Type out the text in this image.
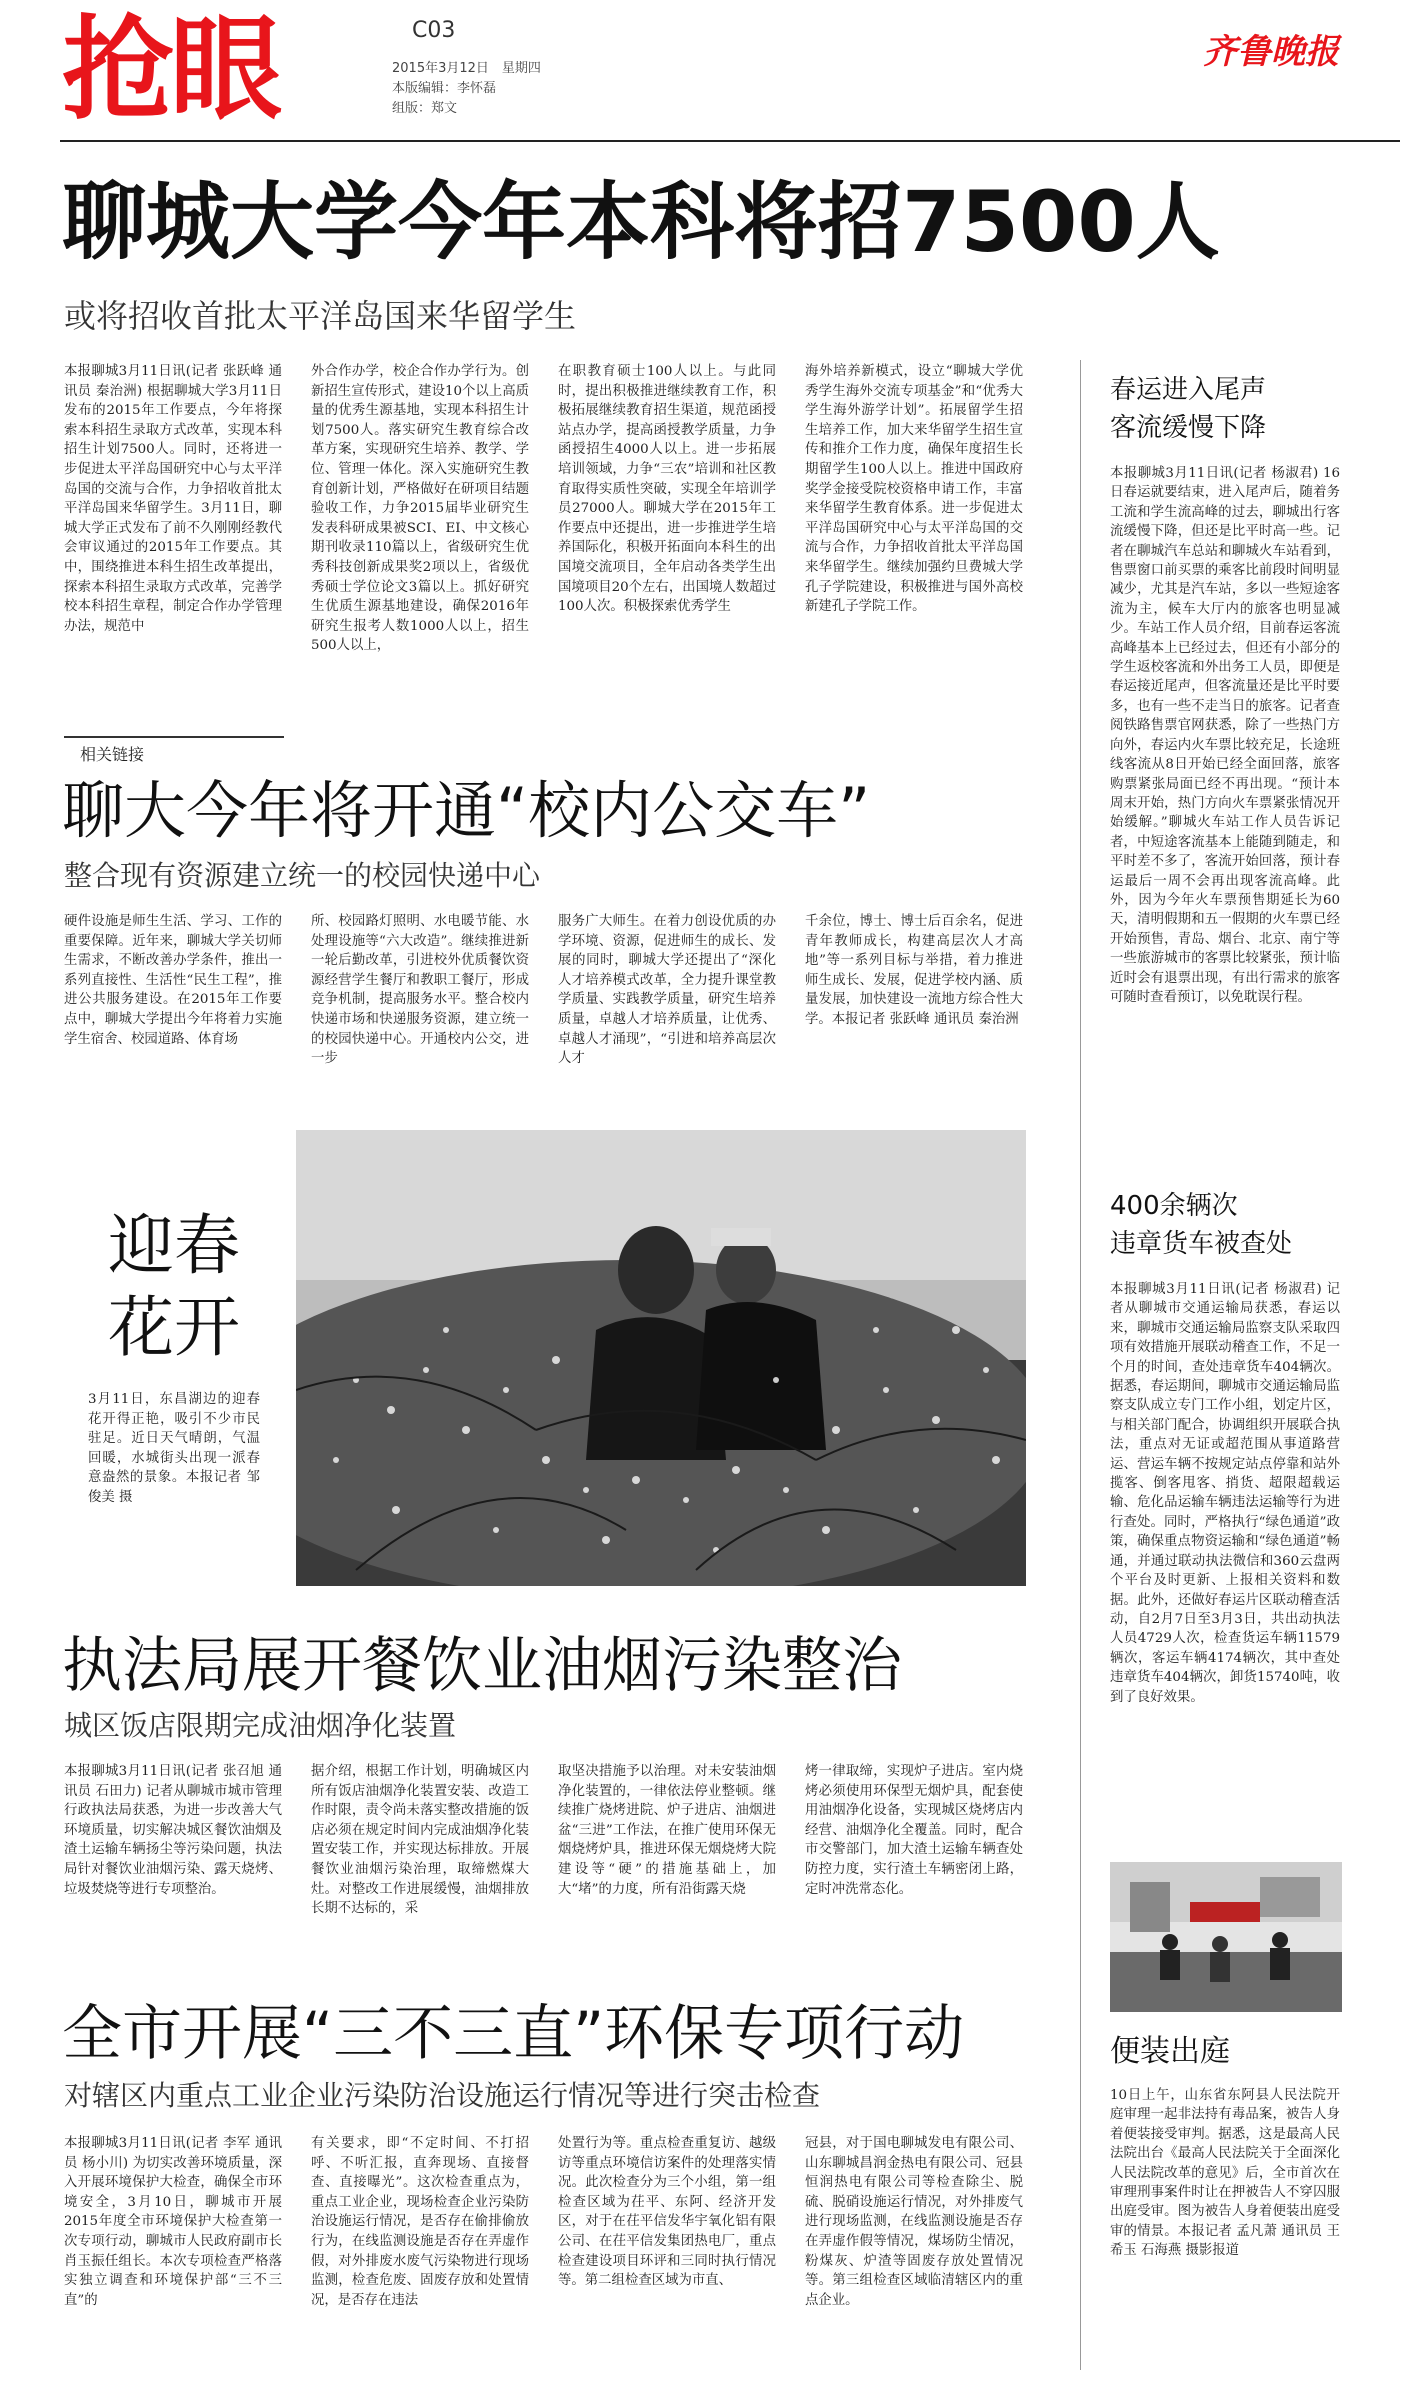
抢眼	C03
2015年3月12日　星期四
本版编辑：李怀磊
组版：郑文
齐鲁晚报
聊城大学今年本科将招7500人
或将招收首批太平洋岛国来华留学生
本报聊城3月11日讯(记者 张跃峰 通讯员 秦治洲) 根据聊城大学3月11日发布的2015年工作要点，今年将探索本科招生录取方式改革，实现本科招生计划7500人。同时，还将进一步促进太平洋岛国研究中心与太平洋岛国的交流与合作，力争招收首批太平洋岛国来华留学生。3月11日，聊城大学正式发布了前不久刚刚经教代会审议通过的2015年工作要点。其中，围绕推进本科生招生改革提出，探索本科招生录取方式改革，完善学校本科招生章程，制定合作办学管理办法，规范中
外合作办学，校企合作办学行为。创新招生宣传形式，建设10个以上高质量的优秀生源基地，实现本科招生计划7500人。落实研究生教育综合改革方案，实现研究生培养、教学、学位、管理一体化。深入实施研究生教育创新计划，严格做好在研项目结题验收工作，力争2015届毕业研究生发表科研成果被SCI、EI、中文核心期刊收录110篇以上，省级研究生优秀科技创新成果奖2项以上，省级优秀硕士学位论文3篇以上。抓好研究生优质生源基地建设，确保2016年研究生报考人数1000人以上，招生500人以上，
在职教育硕士100人以上。与此同时，提出积极推进继续教育工作，积极拓展继续教育招生渠道，规范函授站点办学，提高函授教学质量，力争函授招生4000人以上。进一步拓展培训领域，力争“三农”培训和社区教育取得实质性突破，实现全年培训学员27000人。聊城大学在2015年工作要点中还提出，进一步推进学生培养国际化，积极开拓面向本科生的出国境交流项目，全年启动各类学生出国境项目20个左右，出国境人数超过100人次。积极探索优秀学生
海外培养新模式，设立“聊城大学优秀学生海外交流专项基金”和“优秀大学生海外游学计划”。拓展留学生招生培养工作，加大来华留学生招生宣传和推介工作力度，确保年度招生长期留学生100人以上。推进中国政府奖学金接受院校资格申请工作，丰富来华留学生教育体系。进一步促进太平洋岛国研究中心与太平洋岛国的交流与合作，力争招收首批太平洋岛国来华留学生。继续加强约旦费城大学孔子学院建设，积极推进与国外高校新建孔子学院工作。
相关链接
聊大今年将开通“校内公交车”
整合现有资源建立统一的校园快递中心
硬件设施是师生生活、学习、工作的重要保障。近年来，聊城大学关切师生需求，不断改善办学条件，推出一系列直接性、生活性“民生工程”，推进公共服务建设。在2015年工作要点中，聊城大学提出今年将着力实施学生宿舍、校园道路、体育场
所、校园路灯照明、水电暖节能、水处理设施等“六大改造”。继续推进新一轮后勤改革，引进校外优质餐饮资源经营学生餐厅和教职工餐厅，形成竞争机制，提高服务水平。整合校内快递市场和快递服务资源，建立统一的校园快递中心。开通校内公交，进一步
服务广大师生。在着力创设优质的办学环境、资源，促进师生的成长、发展的同时，聊城大学还提出了“深化人才培养模式改革，全力提升课堂教学质量、实践教学质量，研究生培养质量，卓越人才培养质量，让优秀、卓越人才涌现”，“引进和培养高层次人才
千余位，博士、博士后百余名，促进青年教师成长，构建高层次人才高地”等一系列目标与举措，着力推进师生成长、发展，促进学校内涵、质量发展，加快建设一流地方综合性大学。本报记者 张跃峰 通讯员 秦治洲
迎春
花开
3月11日，东昌湖边的迎春花开得正艳，吸引不少市民驻足。近日天气晴朗，气温回暖，水城街头出现一派春意盎然的景象。本报记者 邹俊美 摄
执法局展开餐饮业油烟污染整治
城区饭店限期完成油烟净化装置
本报聊城3月11日讯(记者 张召旭 通讯员 石田力) 记者从聊城市城市管理行政执法局获悉，为进一步改善大气环境质量，切实解决城区餐饮油烟及渣土运输车辆扬尘等污染问题，执法局针对餐饮业油烟污染、露天烧烤、垃圾焚烧等进行专项整治。
据介绍，根据工作计划，明确城区内所有饭店油烟净化装置安装、改造工作时限，责令尚未落实整改措施的饭店必须在规定时间内完成油烟净化装置安装工作，并实现达标排放。开展餐饮业油烟污染治理，取缔燃煤大灶。对整改工作进展缓慢，油烟排放长期不达标的，采
取坚决措施予以治理。对未安装油烟净化装置的，一律依法停业整顿。继续推广烧烤进院、炉子进店、油烟进盆“三进”工作法，在推广使用环保无烟烧烤炉具，推进环保无烟烧烤大院建设等“硬”的措施基础上，加大“堵”的力度，所有沿街露天烧
烤一律取缔，实现炉子进店。室内烧烤必须使用环保型无烟炉具，配套使用油烟净化设备，实现城区烧烤店内经营、油烟净化全覆盖。同时，配合市交警部门，加大渣土运输车辆查处防控力度，实行渣土车辆密闭上路，定时冲洗常态化。
全市开展“三不三直”环保专项行动
对辖区内重点工业企业污染防治设施运行情况等进行突击检查
本报聊城3月11日讯(记者 李军 通讯员 杨小川) 为切实改善环境质量，深入开展环境保护大检查，确保全市环境安全，3月10日，聊城市开展2015年度全市环境保护大检查第一次专项行动，聊城市人民政府副市长肖玉振任组长。本次专项检查严格落实独立调查和环境保护部“三不三直”的
有关要求，即“不定时间、不打招呼、不听汇报，直奔现场、直接督查、直接曝光”。这次检查重点为，重点工业企业，现场检查企业污染防治设施运行情况，是否存在偷排偷放行为，在线监测设施是否存在弄虚作假，对外排废水废气污染物进行现场监测，检查危废、固废存放和处置情况，是否存在违法
处置行为等。重点检查重复访、越级访等重点环境信访案件的处理落实情况。此次检查分为三个小组，第一组检查区域为茌平、东阿、经济开发区，对于在茌平信发华宇氧化铝有限公司、在茌平信发集团热电厂，重点检查建设项目环评和三同时执行情况等。第二组检查区域为市直、
冠县，对于国电聊城发电有限公司、山东聊城昌润金热电有限公司、冠县恒润热电有限公司等检查除尘、脱硫、脱硝设施运行情况，对外排废气进行现场监测，在线监测设施是否存在弄虚作假等情况，煤场防尘情况，粉煤灰、炉渣等固废存放处置情况等。第三组检查区域临清辖区内的重点企业。
春运进入尾声
客流缓慢下降
本报聊城3月11日讯(记者 杨淑君) 16日春运就要结束，进入尾声后，随着务工流和学生流高峰的过去，聊城出行客流缓慢下降，但还是比平时高一些。记者在聊城汽车总站和聊城火车站看到，售票窗口前买票的乘客比前段时间明显减少，尤其是汽车站，多以一些短途客流为主，候车大厅内的旅客也明显减少。车站工作人员介绍，目前春运客流高峰基本上已经过去，但还有小部分的学生返校客流和外出务工人员，即便是春运接近尾声，但客流量还是比平时要多，也有一些不走当日的旅客。记者查阅铁路售票官网获悉，除了一些热门方向外，春运内火车票比较充足，长途班线客流从8日开始已经全面回落，旅客购票紧张局面已经不再出现。“预计本周末开始，热门方向火车票紧张情况开始缓解。”聊城火车站工作人员告诉记者，中短途客流基本上能随到随走，和平时差不多了，客流开始回落，预计春运最后一周不会再出现客流高峰。此外，因为今年火车票预售期延长为60天，清明假期和五一假期的火车票已经开始预售，青岛、烟台、北京、南宁等一些旅游城市的客票比较紧张，预计临近时会有退票出现，有出行需求的旅客可随时查看预订，以免耽误行程。
400余辆次
违章货车被查处
本报聊城3月11日讯(记者 杨淑君) 记者从聊城市交通运输局获悉，春运以来，聊城市交通运输局监察支队采取四项有效措施开展联动稽查工作，不足一个月的时间，查处违章货车404辆次。据悉，春运期间，聊城市交通运输局监察支队成立专门工作小组，划定片区，与相关部门配合，协调组织开展联合执法，重点对无证或超范围从事道路营运、营运车辆不按规定站点停靠和站外揽客、倒客甩客、捎货、超限超载运输、危化品运输车辆违法运输等行为进行查处。同时，严格执行“绿色通道”政策，确保重点物资运输和“绿色通道”畅通，并通过联动执法微信和360云盘两个平台及时更新、上报相关资料和数据。此外，还做好春运片区联动稽查活动，自2月7日至3月3日，共出动执法人员4729人次，检查货运车辆11579辆次，客运车辆4174辆次，其中查处违章货车404辆次，卸货15740吨，收到了良好效果。
便装出庭
10日上午，山东省东阿县人民法院开庭审理一起非法持有毒品案，被告人身着便装接受审判。据悉，这是最高人民法院出台《最高人民法院关于全面深化人民法院改革的意见》后，全市首次在审理刑事案件时让在押被告人不穿囚服出庭受审。图为被告人身着便装出庭受审的情景。本报记者 孟凡萧 通讯员 王希玉 石海燕 摄影报道
